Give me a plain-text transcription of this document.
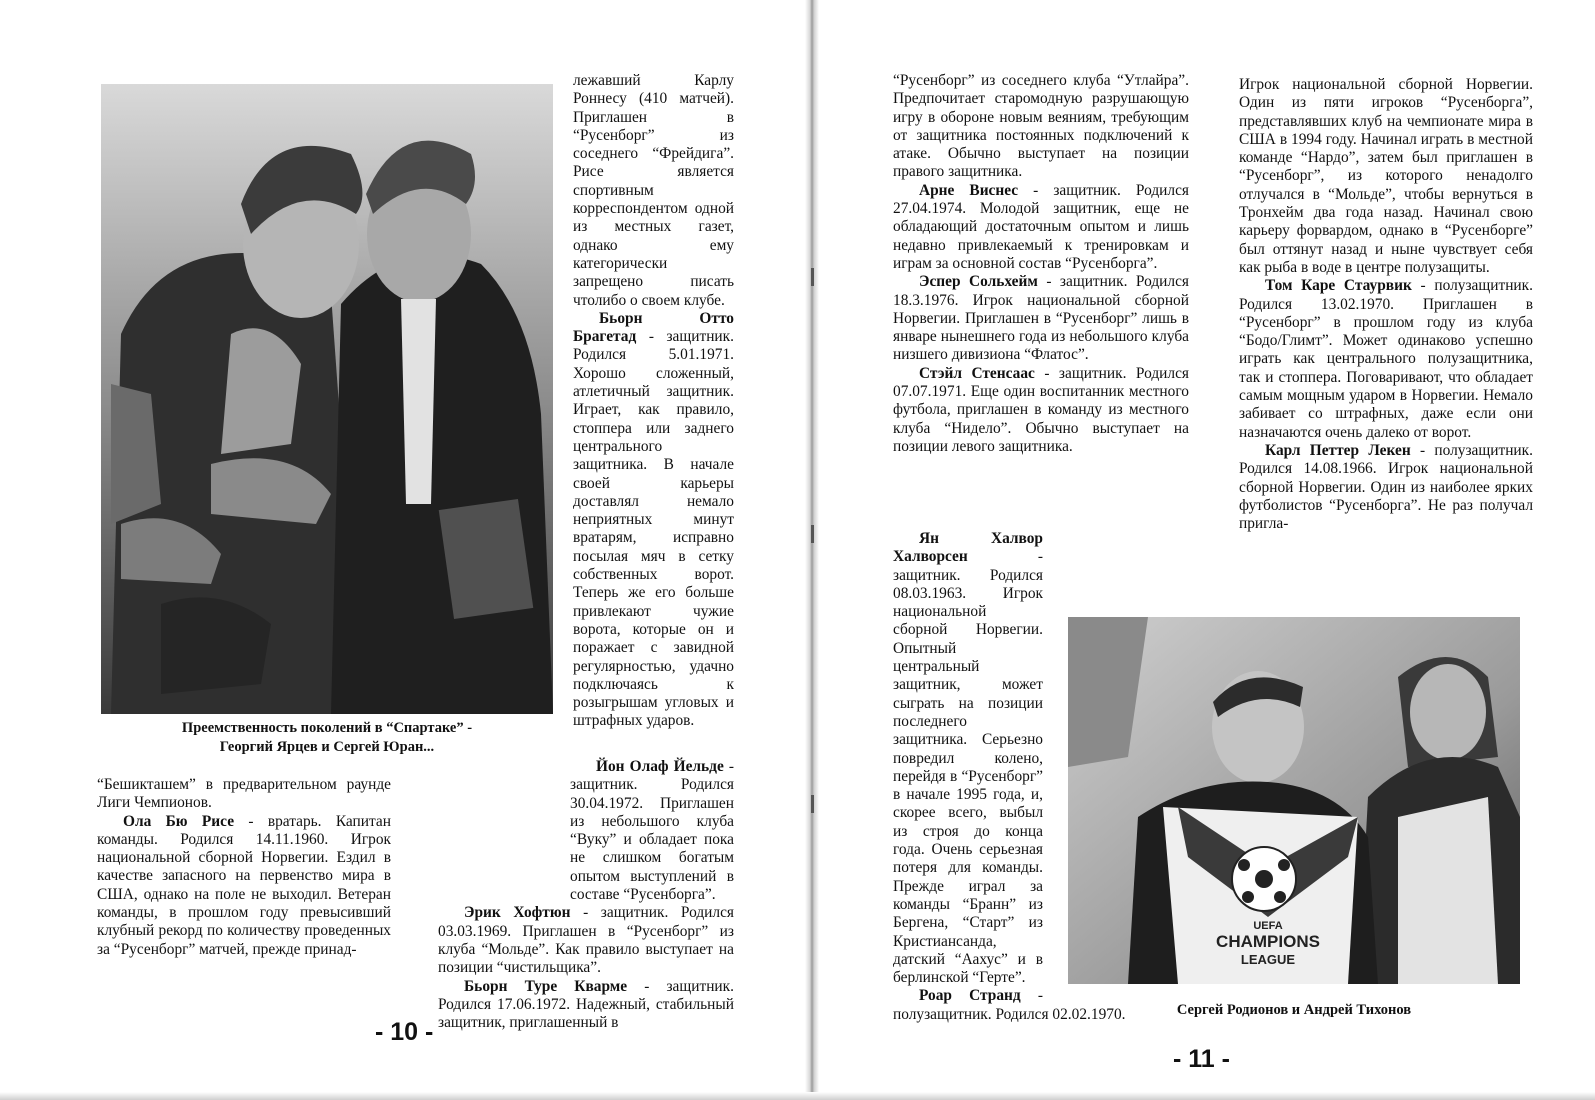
Преемственность поколений в “Спартаке” -
Георгий Ярцев и Сергей Юран...

лежавший Карлу Роннесу (410 матчей). Приглашен в “Русенборг” из соседнего “Фрейдига”. Рисе является спортивным корреспондентом одной из местных газет, однако ему категорически запрещено писать чтолибо о своем клубе.

Бьорн Отто Брагетад - защитник. Родился 5.01.1971. Хорошо сложенный, атлетичный защитник. Играет, как правило, стоппера или заднего центрального защитника. В начале своей карьеры доставлял немало неприятных минут вратарям, исправно посылая мяч в сетку собственных ворот. Теперь же его больше привлекают чужие ворота, которые он и поражает с завидной регулярностью, удачно подключаясь к розыгрышам угловых и штрафных ударов.

Йон Олаф Йельде - защитник. Родился 30.04.1972. Приглашен из небольшого клуба “Вуку” и обладает пока не слишком богатым опытом выступлений в составе “Русенборга”.

Эрик Хофтюн - защитник. Родился 03.03.1969. Приглашен в “Русенборг” из клуба “Мольде”. Как правило выступает на позиции “чистильщика”.

Бьорн Туре Кварме - защитник. Родился 17.06.1972. Надежный, стабильный защитник, приглашенный в

“Бешикташем” в предварительном раунде Лиги Чемпионов.

Ола Бю Рисе - вратарь. Капитан команды. Родился 14.11.1960. Игрок национальной сборной Норвегии. Ездил в качестве запасного на первенство мира в США, однако на поле не выходил. Ветеран команды, в прошлом году превысивший клубный рекорд по количеству проведенных за “Русенборг” матчей, прежде принад-

- 10 -

“Русенборг” из соседнего клуба “Утлайра”. Предпочитает старомодную разрушающую игру в обороне новым веяниям, требующим от защитника постоянных подключений к атаке. Обычно выступает на позиции правого защитника.

Арне Виснес - защитник. Родился 27.04.1974. Молодой защитник, еще не обладающий достаточным опытом и лишь недавно привлекаемый к тренировкам и играм за основной состав “Русенборга”.

Эспер Сольхейм - защитник. Родился 18.3.1976. Игрок национальной сборной Норвегии. Приглашен в “Русенборг” лишь в январе нынешнего года из небольшого клуба низшего дивизиона “Флатос”.

Стэйл Стенсаас - защитник. Родился 07.07.1971. Еще один воспитанник местного футбола, приглашен в команду из местного клуба “Нидело”. Обычно выступает на позиции левого защитника.

Ян Халвор Халворсен - защитник. Родился 08.03.1963. Игрок национальной сборной Норвегии. Опытный центральный защитник, может сыграть на позиции последнего защитника. Серьезно повредил колено, перейдя в “Русенборг” в начале 1995 года, и, скорее всего, выбыл из строя до конца года. Очень серьезная потеря для команды. Прежде играл за команды “Бранн” из Бергена, “Старт” из Кристиансанда, датский “Аахус” и в берлинской “Герте”.

Роар Странд - полузащитник. Родился 02.02.1970.

Игрок национальной сборной Норвегии. Один из пяти игроков “Русенборга”, представлявших клуб на чемпионате мира в США в 1994 году. Начинал играть в местной команде “Нардо”, затем был приглашен в “Русенборг”, из которого ненадолго отлучался в “Мольде”, чтобы вернуться в Тронхейм два года назад. Начинал свою карьеру форвардом, однако в “Русенборге” был оттянут назад и ныне чувствует себя как рыба в воде в центре полузащиты.

Том Каре Стаурвик - полузащитник. Родился 13.02.1970. Приглашен в “Русенборг” в прошлом году из клуба “Бодо/Глимт”. Может одинаково успешно играть как центрального полузащитника, так и стоппера. Поговаривают, что обладает самым мощным ударом в Норвегии. Немало забивает со штрафных, даже если они назначаются очень далеко от ворот.

Карл Петтер Лекен - полузащитник. Родился 14.08.1966. Игрок национальной сборной Норвегии. Один из наиболее ярких футболистов “Русенборга”. Не раз получал пригла-

UEFA
CHAMPIONS
LEAGUE
Сергей Родионов и Андрей Тихонов
- 11 -
